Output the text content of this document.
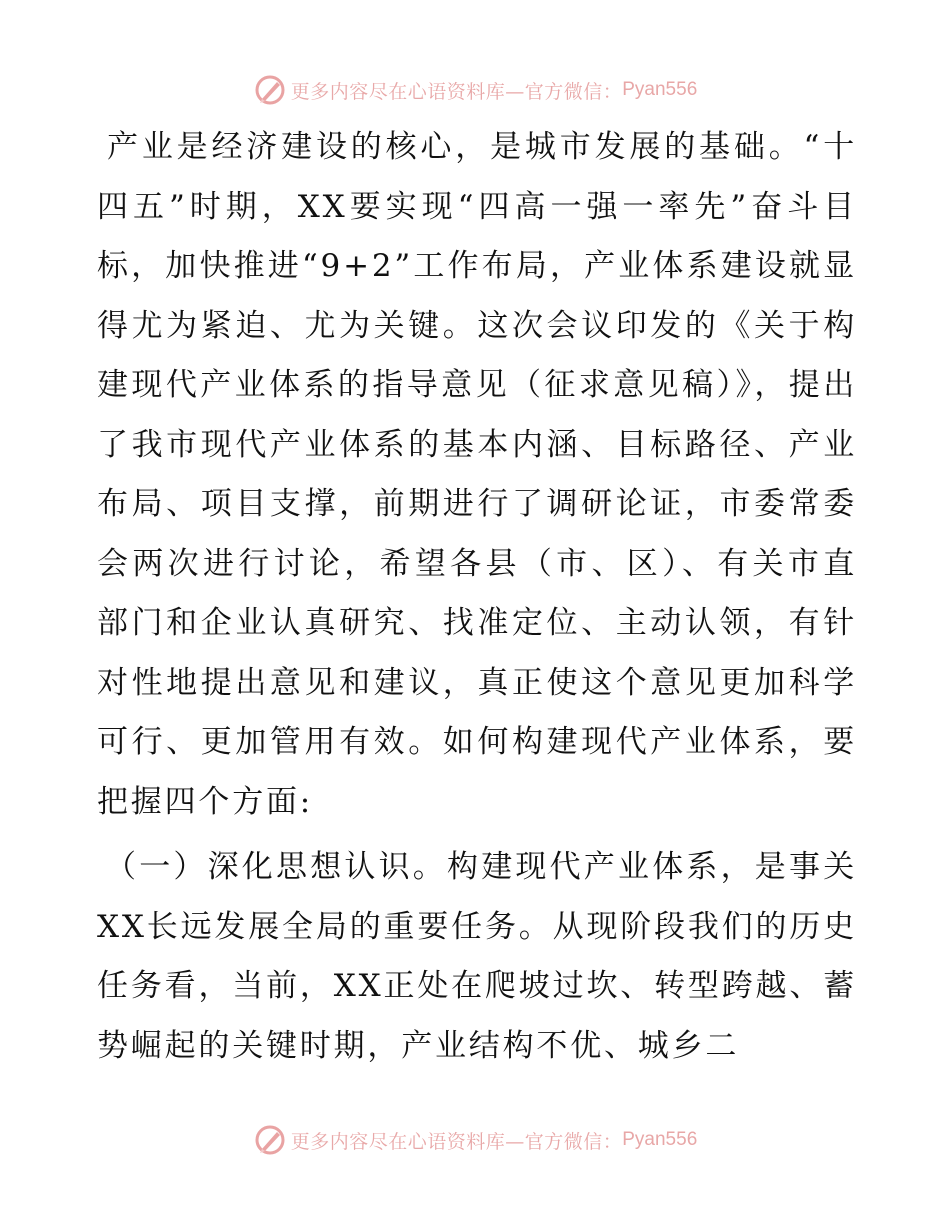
更多内容尽在心语资料库—官方微信： Pyan556

产业是经济建设的核心，是城市发展的基础。“十四五”时期，XX要实现“四高一强一率先”奋斗目标，加快推进“9+2”工作布局，产业体系建设就显得尤为紧迫、尤为关键。这次会议印发的《关于构建现代产业体系的指导意见（征求意见稿）》，提出了我市现代产业体系的基本内涵、目标路径、产业布局、项目支撑，前期进行了调研论证，市委常委会两次进行讨论，希望各县（市、区）、有关市直部门和企业认真研究、找准定位、主动认领，有针对性地提出意见和建议，真正使这个意见更加科学可行、更加管用有效。如何构建现代产业体系，要把握四个方面:

（一）深化思想认识。构建现代产业体系，是事关XX长远发展全局的重要任务。从现阶段我们的历史任务看，当前，XX正处在爬坡过坎、转型跨越、蓄势崛起的关键时期，产业结构不优、城乡二

更多内容尽在心语资料库—官方微信： Pyan556
